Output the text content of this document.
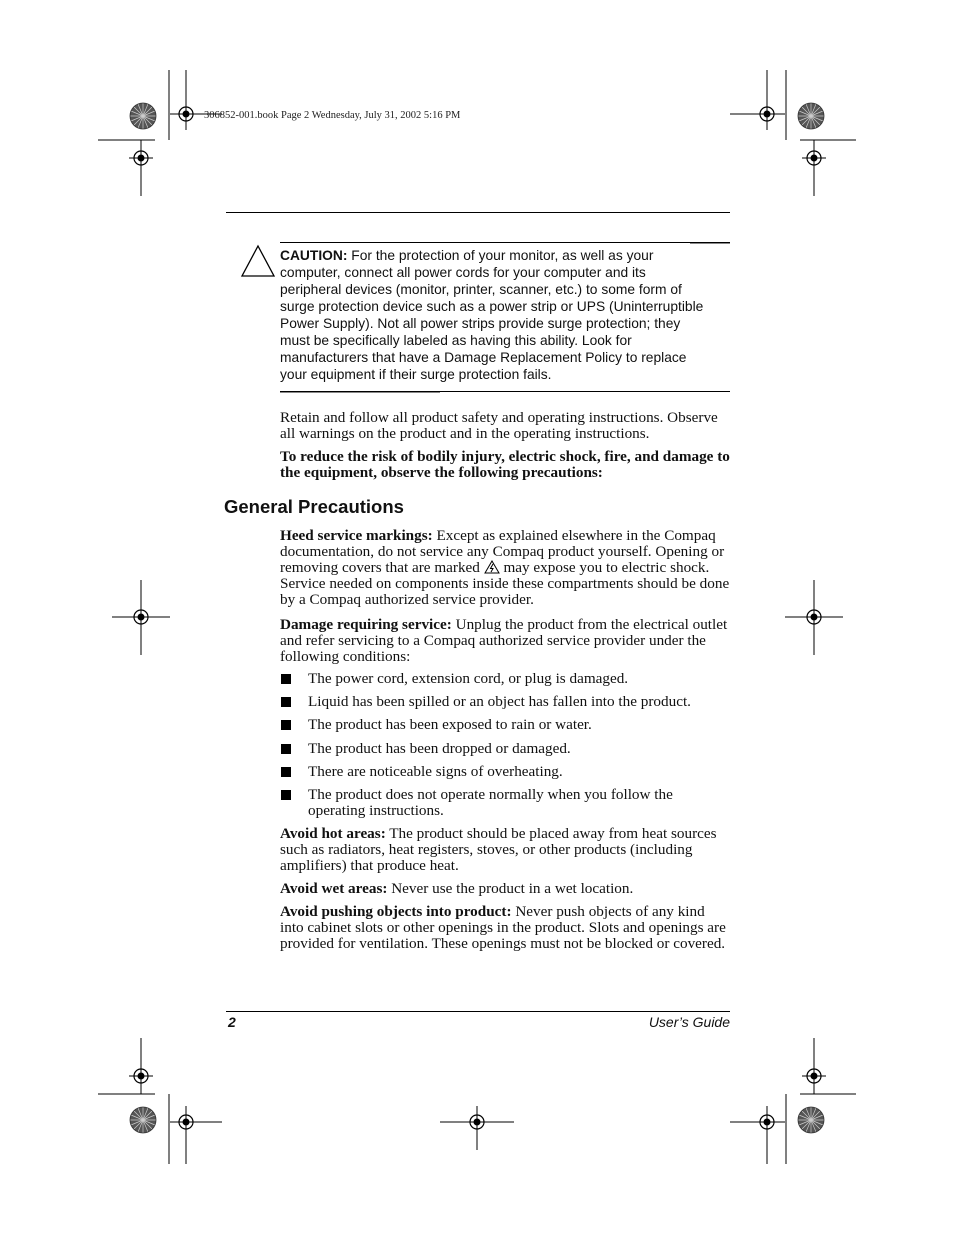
306852-001.book Page 2 Wednesday, July 31, 2002 5:16 PM
CAUTION: For the protection of your monitor, as well as your computer, connect all power cords for your computer and its peripheral devices (monitor, printer, scanner, etc.) to some form of surge protection device such as a power strip or UPS (Uninterruptible Power Supply). Not all power strips provide surge protection; they must be specifically labeled as having this ability. Look for manufacturers that have a Damage Replacement Policy to replace your equipment if their surge protection fails.
Retain and follow all product safety and operating instructions. Observe all warnings on the product and in the operating instructions.
To reduce the risk of bodily injury, electric shock, fire, and damage to the equipment, observe the following precautions:
General Precautions
Heed service markings: Except as explained elsewhere in the Compaq documentation, do not service any Compaq product yourself. Opening or removing covers that are marked  may expose you to electric shock. Service needed on components inside these compartments should be done by a Compaq authorized service provider.
Damage requiring service: Unplug the product from the electrical outlet and refer servicing to a Compaq authorized service provider under the following conditions:
The power cord, extension cord, or plug is damaged.
Liquid has been spilled or an object has fallen into the product.
The product has been exposed to rain or water.
The product has been dropped or damaged.
There are noticeable signs of overheating.
The product does not operate normally when you follow the operating instructions.
Avoid hot areas: The product should be placed away from heat sources such as radiators, heat registers, stoves, or other products (including amplifiers) that produce heat.
Avoid wet areas: Never use the product in a wet location.
Avoid pushing objects into product: Never push objects of any kind into cabinet slots or other openings in the product. Slots and openings are provided for ventilation. These openings must not be blocked or covered.
2	User’s Guide
